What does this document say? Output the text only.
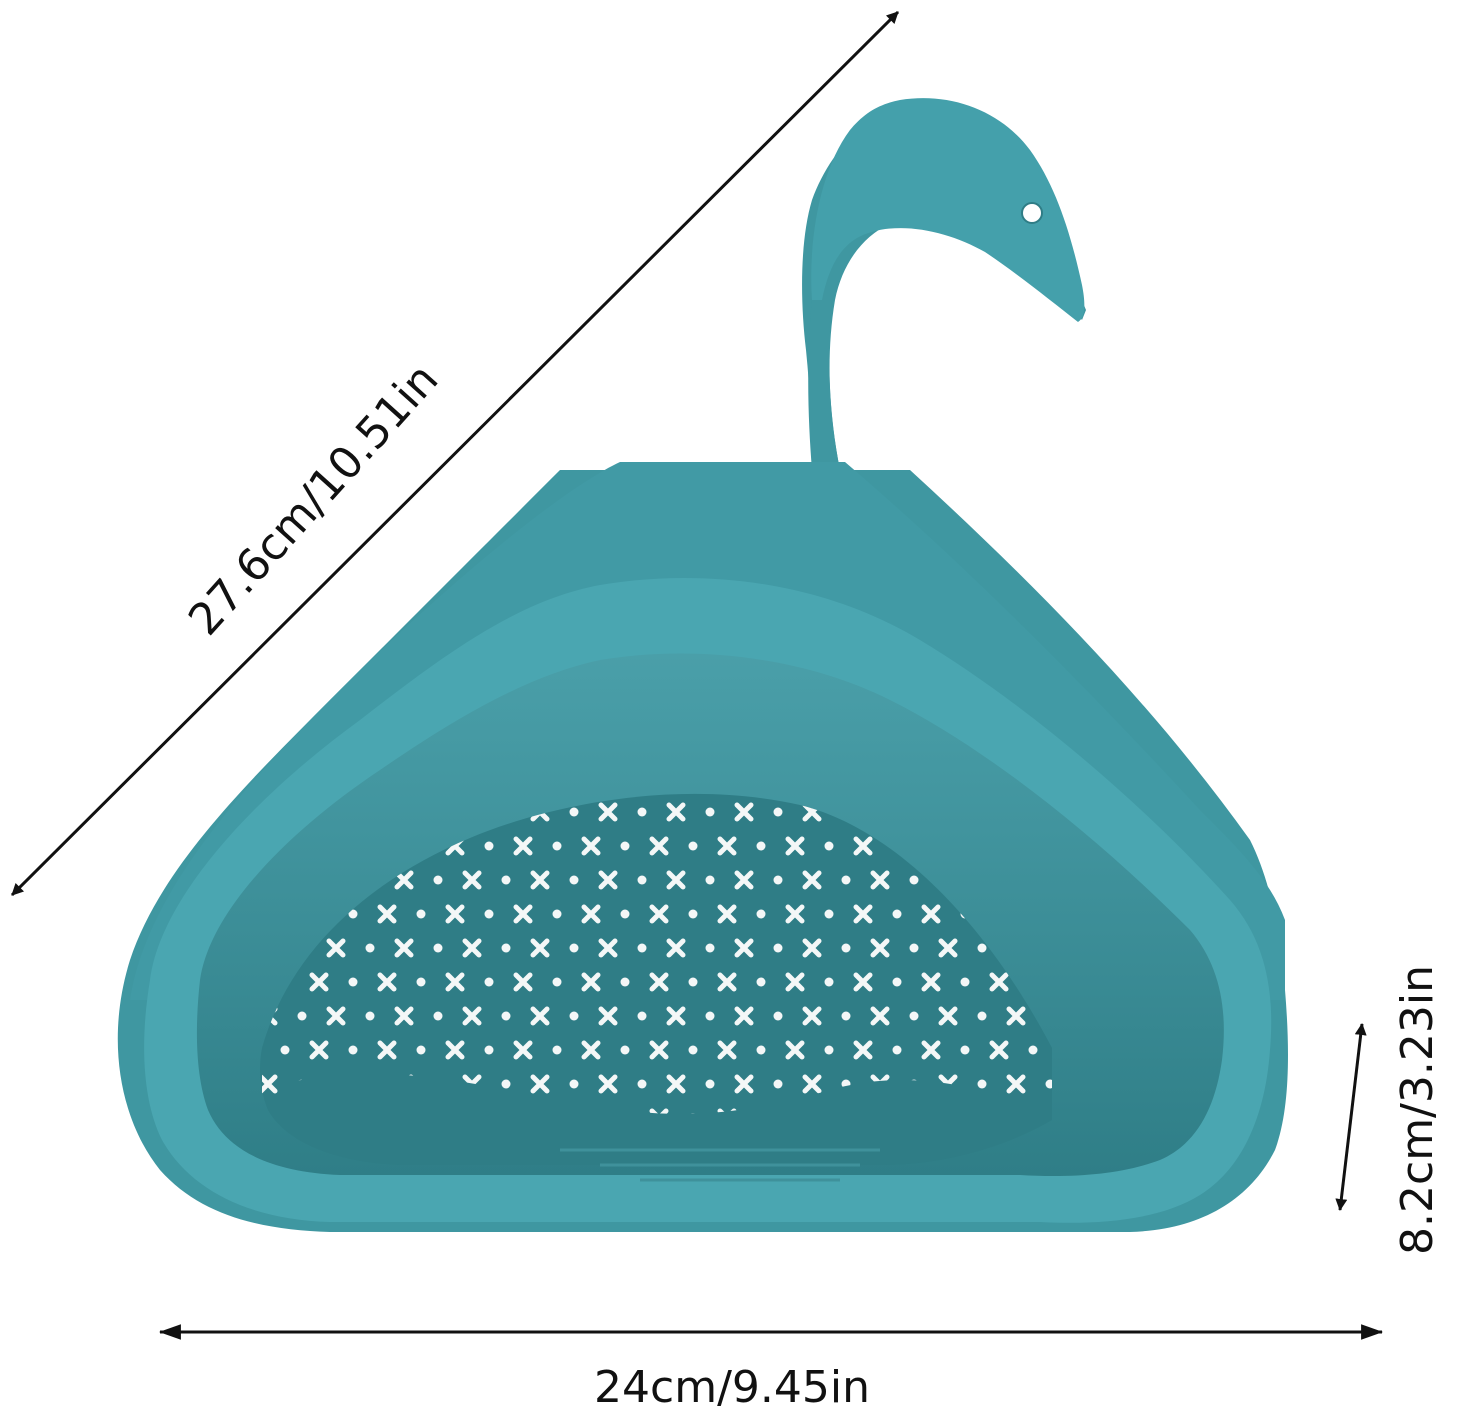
27.6cm/10.51in
24cm/9.45in
8.2cm/3.23in
